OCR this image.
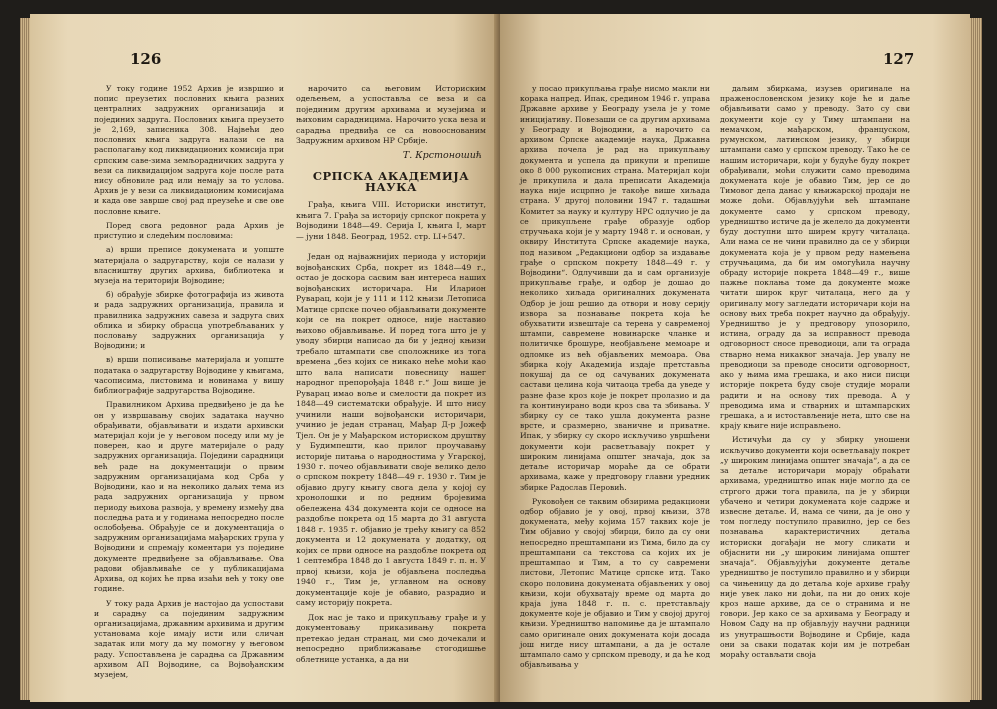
126

У току године 1952 Архив је извршио и попис преузетих пословних књига разних централних задружних организација и појединих задруга. Пословних књига преузето је 2,169, записника 308. Највећи део пословних књига задруга налази се на располагању код ликвидационих комисија при српским саве-зима земљорадничких задруга у вези са ликвидацијом задруга које после рата нису обновиле рад или немају за то услова. Архив је у вези са ликвидационим комисијама и када ове заврше свој рад преузеће и све ове пословне књиге.

Поред свога редовног рада Архив је приступио и следећим пословима:

а) врши преписе докумената и уопште материјала о задругарству, који се налази у власништву других архива, библиотека и музеја на територији Војводине;

б) обрађује збирке фотографија из живота и рада задружних организација, правила и правилника задружних савеза и задруга свих облика и збирку обрасца употребљаваних у пословању задружних организација у Војводини; и

в) врши пописивање материјала и уопште података о задругарству Војводине у књигама, часописима, листовима и новинама у вишу библиографије задругарства Војводине.

Правилником Архива предвиђено је да ће он у извршавању својих задатака научно обрађивати, објављивати и издати архивски материјал који је у његовом поседу или му је поверен, као и друге материјале о раду задружних организација. Поједини сарадници већ раде на документацији о првим задружним организацијама код Срба у Војводини, као и на неколико даљих тема из рада задружних организација у првом периоду њихова развоја, у времену између два последња рата и у годинама непосредно после ослобођења. Обрађује се и документација о задружним организацијама мађарских група у Војводини и спремају коментари уз поједине документе предвиђене за објављивање. Ова радови објављиваће се у публикацијама Архива, од којих ће прва изаћи већ у току ове године.

У току рада Архив је настојао да успостави и сарадњу са појединим задружним организацијама, државним архивима и другим установама које имају исти или сличан задатак или могу да му помогну у његовом раду. Успостављена је сарадња са Државним архивом АП Војводине, са Војвођанским музејем,

нарочито са његовим Историским одељењем, а успоставља се веза и са појединим другим архивама и музејима и њиховим сарадницима. Нарочито уска веза и сарадња предвиђа се са новооснованим Задружним архивом НР Србије.

Т. Крстоношић
СРПСКА АКАДЕМИЈА НАУКА

Грађа, књига VIII. Историски институт, књига 7. Грађа за историју српског покрета у Војводини 1848—49. Серија I, књига I, март — јуни 1848. Београд, 1952. стр. LI+547.

Један од најважнијих периода у историји војвођанских Срба, покрет из 1848—49 г., остао је доскора сасвим ван интереса наших војвођанских историчара. Ни Иларион Руварац, који је у 111 и 112 књизи Летописа Матице српске почео објављивати документе који се на покрет односе, није наставио њихово објављивање. И поред тога што је у уводу збирци написао да би у једној књизи требало штампати све сположнике из тога времена „без којих се никако неће моћи као што вала написати повесницу нашег народног препорођаја 1848 г.“ Још више је Руварац имао воље и смелости да покрет из 1848—49 систематски обрађује. И што нису учинили наши војвођански историчари, учинио је један странац, Мађар Д-р Јожеф Тјел. Он је у Мађарском историском друштву у Будимпешти, као прилог проучавању историје питања о народностима у Угарској, 1930 г. почео објављивати своје велико дело о српском покрету 1848—49 г. 1930 г. Тим је објавио другу књигу свога дела у којој су хронолошки и по редним бројевима обележена 434 документа који се односе на раздобље покрета од 15 марта до 31 августа 1848 г. 1935 г. објавио је трећу књигу са 852 документа и 12 докумената у додатку, од којих се први односе на раздобље покрета од 1 септембра 1848 до 1 августа 1849 г. п. н. У првој књизи, која је објављена последња 1940 г., Тим је, углавном на основу документације које је обавио, разрадио и саму историју покрета.

Док нас је тако и прикупљању грађе и у документовању приказивању покрета претекао један странац, ми смо дочекали и непосредно приближавање стогодишње облетнице устанка, а да ни

127

у посао прикупљања грађе нисмо макли ни корака напред. Ипак, средином 1946 г. управа Државне архиве у Београду узела је у томе иницијативу. Повезаши се са другим архивама у Београду и Војводини, а нарочито са архивом Српске академије наука, Државна архива почела је рад на прикупљању документа и успела да прикупи и препише око 8 000 рукописних страна. Материјал који је прикупила и дала преписати Академија наука није исцрпно је такође више хиљада страна. У другој половини 1947 г. тадашњи Комитет за науку и културу НРС одлучио је да се прикупљене грађе образује одбор стручњака који је у марту 1948 г. и основан, у оквиру Института Српске академије наука, под називом „Редакциони одбор за издавање грађе о српском покрету 1848—49 г. у Војводини“. Одлучивши да и сам организује прикупљање грађе, и одбор је дошао до неколико хиљада оригиналних докумената Одбор је још решио да отвори и нову серију извора за познавање покрета која ће обухватити извештаје са терена у савременој штампи, савремене новинарске чланке и политичке брошуре, необјављене мемоаре и одломке из већ објављених мемоара. Ова збирка коју Академија издаје претставља покушај да се од сачуваних докумената састави целина која читаоца треба да уведе у разне фазе кроз које је покрет пролазио и да га континуирано води кроз сва та збивања. У збирку су се тако ушла документа разне врсте, и сразмерно, званичне и приватне. Ипак, у збирку су скоро искључиво увршћени документи који расветљавају покрет у широким линијама општег значаја, док за детаље историчар мораће да се обрати архивама, каже у предговору главни уредник збирке Радослав Перовић.

Руковођен се таквим обзирима редакциони одбор објавио је у овој, првој књизи, 378 докумената, међу којима 157 таквих које је Тим објавио у својој збирци, било да су они непосредно прештампани из Тима, било да су прештампани са текстова са којих их је прештампао и Тим, а то су савремени листови, Летопис Матице српске итд. Тако скоро половина докумената објављених у овој књизи, који обухватају време од марта до краја јуна 1848 г. п. с. претстављају документе које је објавио и Тим у својој другој књизи. Уредништво напомиње да је штампало само оригинале оних докумената који досада још нигде нису штампани, а да је остале штампало само у српском преводу, и да ће код објављивања у

даљим збиркама, изузев оригинале на праженословенском језику које ће и даље објављивати само у преводу. Зато су сви документи које су у Тиму штампани на немачком, мађарском, француском, румунском, латинском језику, у збирци штампани само у српском преводу. Тако ће се нашим историчари, који у будуће буду покрет обрађивали, моћи служити само преводима докумената које је обавио Тим, јер се до Тимовог дела данас у књижарској продаји не може доћи. Објављујући већ штампане документе само у српском преводу, уредништво истиче да је желело да документи буду доступни што ширем кругу читалаца. Али нама се не чини правилно да се у збирци докумената која је у првом реду намењена стручњацима, да би им омогућила научну обраду историје покрета 1848—49 г., више пажње поклања томе да документе може читати широк круг читалаца, него да у оригиналу могу загледати историчари који на основу њих треба покрет научно да обрађују. Уредништво је у предговору упозорило, истина, ограду да за исправност превода одговорност сносе преводиоци, али та ограда стварно нема никаквог значаја. Јер увалу не преводиоци за преводе сносити одговорност, ако у њима има грешака, и ако ниси писци историје покрета буду своје студије морали радити и на основу тих превода. А у преводима има и стварних и штампарских грешака, а и истостављеније нета, што све на крају књиге није исправљено.

Истичући да су у збирку уношени искључиво документи који осветљавају покрет „у широким линијама општег значаја“, а да се за детаље историчари морају обраћати архивама, уредништво ипак није могло да се стргого држи тога правила, па је у збирци убачено и четири докумената које садрже и извесне детаље. И, нама се чини, да је оно у том погледу поступило правилно, јер се без познавања карактеристичних детаља историски догађаји не могу сликати и објаснити ни „у широким линијама општег значаја“. Објављујући документе детаље уредништво је поступило правилно и у збирци са чињеницу да до детаља које архиве грађу није увек лако ни доћи, па ни до оних које кроз наше архиве, да се о странима и не говори. Јер како се за архивама у Београду и Новом Саду на пр објављују научни радници из унутрашњости Војводине и Србије, када они за сваки податак који им је потребан мораћу остављати своја
